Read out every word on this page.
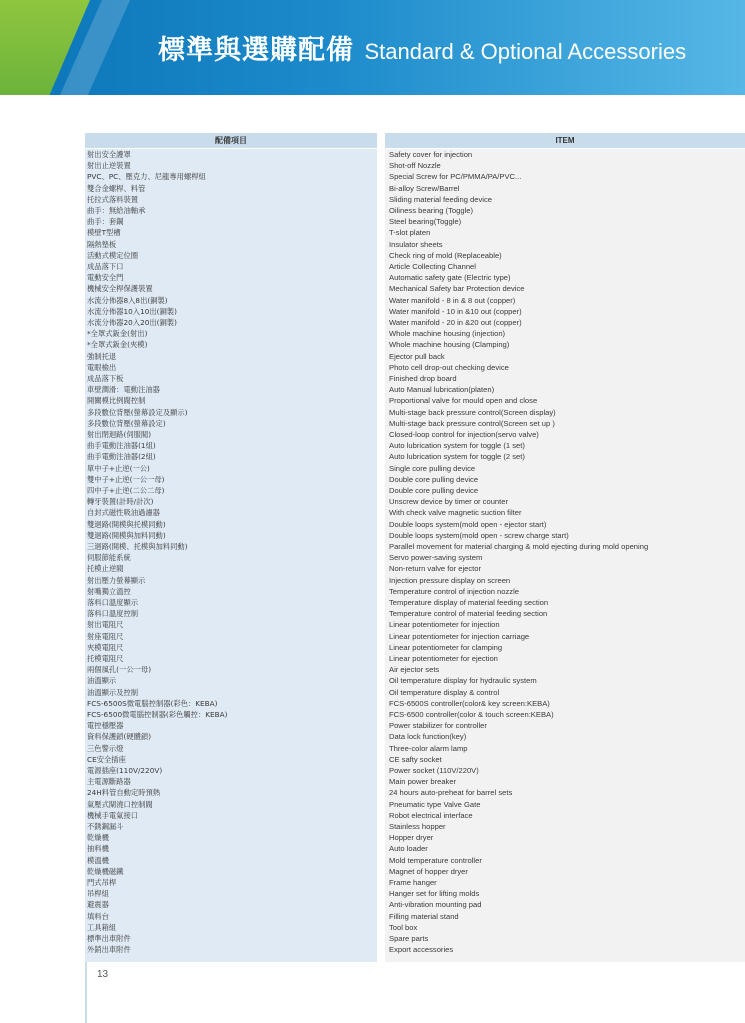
標準與選購配備 Standard & Optional Accessories
配備項目	ITEM
射出安全護罩	Safety cover for injection
射出止逆裝置	Shot-off Nozzle
PVC、PC、壓克力、尼龍專用螺桿組	Special Screw for PC/PMMA/PA/PVC...
雙合金螺桿、料管	Bi-alloy Screw/Barrel
托拉式落料裝置	Sliding material feeding device
曲手：無給油軸承	Oiliness bearing (Toggle)
曲手：套鋼	Steel bearing(Toggle)
模壁T型槽	T-slot platen
隔熱墊板	Insulator sheets
活動式模定位圈	Check ring of mold (Replaceable)
成品落下口	Article Collecting Channel
電動安全門	Automatic safety gate (Electric type)
機械安全桿保護裝置	Mechanical Safety bar Protection device
水流分佈器8入8出(銅製)	Water manifold - 8 in & 8 out (copper)
水流分佈器10入10出(銅製)	Water manifold - 10 in &10 out (copper)
水流分佈器20入20出(銅製)	Water manifold - 20 in &20 out (copper)
*全罩式鈑金(射出)	Whole machine housing (injection)
*全罩式鈑金(夾模)	Whole machine housing (Clamping)
強制托退	Ejector pull back
電眼檢出	Photo cell drop-out checking device
成品落下板	Finished drop board
車壁潤滑：電動注油器	Auto Manual lubrication(platen)
開關模比例閥控制	Proportional valve for mould open and close
多段數位背壓(螢幕設定及顯示)	Multi-stage back pressure control(Screen display)
多段數位背壓(螢幕設定)	Multi-stage back pressure control(Screen set up )
射出閉迴路(伺服閥)	Closed-loop control for injection(servo valve)
曲手電動注油器(1組)	Auto lubrication system for toggle (1 set)
曲手電動注油器(2組)	Auto lubrication system for toggle (2 set)
單中子+止逆(一公)	Single core pulling device
雙中子+止逆(一公一母)	Double core pulling device
四中子+止逆(二公二母)	Double core pulling device
轉牙裝置(計時/計次)	Unscrew device by timer or counter
自封式磁性吸油過濾器	With check valve magnetic suction filter
雙迴路(開模與托模同動)	Double loops system(mold open - ejector start)
雙迴路(開模與加料同動)	Double loops system(mold open - screw charge start)
三迴路(開模、托模與加料同動)	Parallel movement for material charging & mold ejecting during mold opening
伺服節能系統	Servo power-saving system
托模止逆閥	Non-return valve for ejector
射出壓力螢幕顯示	Injection pressure display on screen
射嘴獨立溫控	Temperature control of injection nozzle
落料口溫度顯示	Temperature display of material feeding section
落料口溫度控制	Temperature control of material feeding section
射出電阻尺	Linear potentiometer for injection
射座電阻尺	Linear potentiometer for injection carriage
夾模電阻尺	Linear potentiometer for clamping
托模電阻尺	Linear potentiometer for ejection
兩個風孔(一公一母)	Air ejector sets
油溫顯示	Oil temperature display for hydraulic system
油溫顯示及控制	Oil temperature display & control
FCS-6500S微電腦控制器(彩色：KEBA)	FCS-6500S controller(color& key screen:KEBA)
FCS-6500微電腦控制器(彩色觸控：KEBA)	FCS-6500 controller(color & touch screen:KEBA)
電控穩壓器	Power stabilizer for controller
資料保護鎖(硬體鎖)	Data lock function(key)
三色警示燈	Three-color alarm lamp
CE安全插座	CE safty socket
電源插座(110V/220V)	Power socket (110V/220V)
主電源斷路器	Main power breaker
24H料管自動定時預熱	24 hours auto-preheat for barrel sets
氣壓式閘澆口控制閥	Pneumatic type Valve Gate
機械手電氣接口	Robot electrical interface
不銹鋼漏斗	Stainless hopper
乾燥機	Hopper dryer
抽料機	Auto loader
模溫機	Mold temperature controller
乾燥機磁鐵	Magnet of hopper dryer
門式吊桿	Frame hanger
吊桿組	Hanger set for lifting molds
避震器	Anti-vibration mounting pad
填料台	Filling material stand
工具箱組	Tool box
標準出車附件	Spare parts
外銷出車附件	Export accessories
13
